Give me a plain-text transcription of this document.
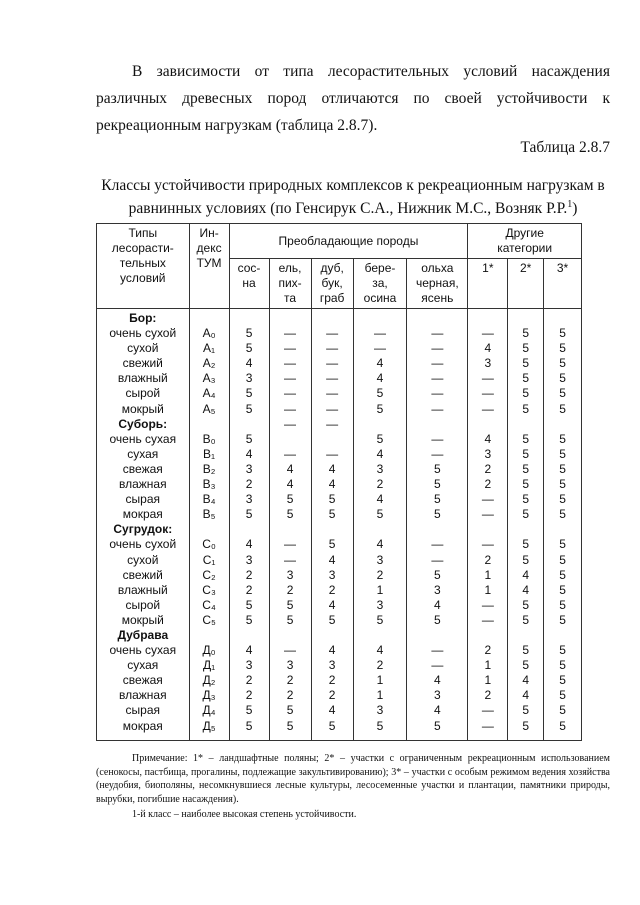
В зависимости от типа лесорастительных условий насаждения различных древесных пород отличаются по своей устойчивости к рекреационным нагрузкам (таблица 2.8.7).

Таблица 2.8.7

Классы устойчивости природных комплексов к рекреационным нагрузкам в равнинных условиях (по Генсирук С.А., Нижник М.С., Возняк Р.Р.$^1$)

Типы
лесорасти-
тельных
условий	Ин-
декс
ТУМ	Преобладающие породы					Другие
категории		
		сос-
на	ель,
пих-
та	дуб,
бук,
граб	бере-
за,
осина	ольха
черная,
ясень	1*	2*	3*
Бор:									
очень сухой	А₀	5	—	—	—	—	—	5	5
сухой	А₁	5	—	—	—	—	4	5	5
свежий	А₂	4	—	—	4	—	3	5	5
влажный	А₃	3	—	—	4	—	—	5	5
сырой	А₄	5	—	—	5	—	—	5	5
мокрый	А₅	5	—	—	5	—	—	5	5
Суборь:			—	—					
очень сухая	В₀	5			5	—	4	5	5
сухая	В₁	4	—	—	4	—	3	5	5
свежая	В₂	3	4	4	3	5	2	5	5
влажная	В₃	2	4	4	2	5	2	5	5
сырая	В₄	3	5	5	4	5	—	5	5
мокрая	В₅	5	5	5	5	5	—	5	5
Сугрудок:									
очень сухой	С₀	4	—	5	4	—	—	5	5
сухой	С₁	3	—	4	3	—	2	5	5
свежий	С₂	2	3	3	2	5	1	4	5
влажный	С₃	2	2	2	1	3	1	4	5
сырой	С₄	5	5	4	3	4	—	5	5
мокрый	С₅	5	5	5	5	5	—	5	5
Дубрава									
очень сухая	Д₀	4	—	4	4	—	2	5	5
сухая	Д₁	3	3	3	2	—	1	5	5
свежая	Д₂	2	2	2	1	4	1	4	5
влажная	Д₃	2	2	2	1	3	2	4	5
сырая	Д₄	5	5	4	3	4	—	5	5
мокрая	Д₅	5	5	5	5	5	—	5	5

Примечание: 1* – ландшафтные поляны; 2* – участки с ограниченным рекреационным использованием (сенокосы, пастбища, прогалины, подлежащие закультивированию); 3* – участки с особым режимом ведения хозяйства (неудобия, биополяны, несомкнувшиеся лесные культуры, лесосеменные участки и плантации, памятники природы, вырубки, погибшие насаждения).

1-й класс – наиболее высокая степень устойчивости.
